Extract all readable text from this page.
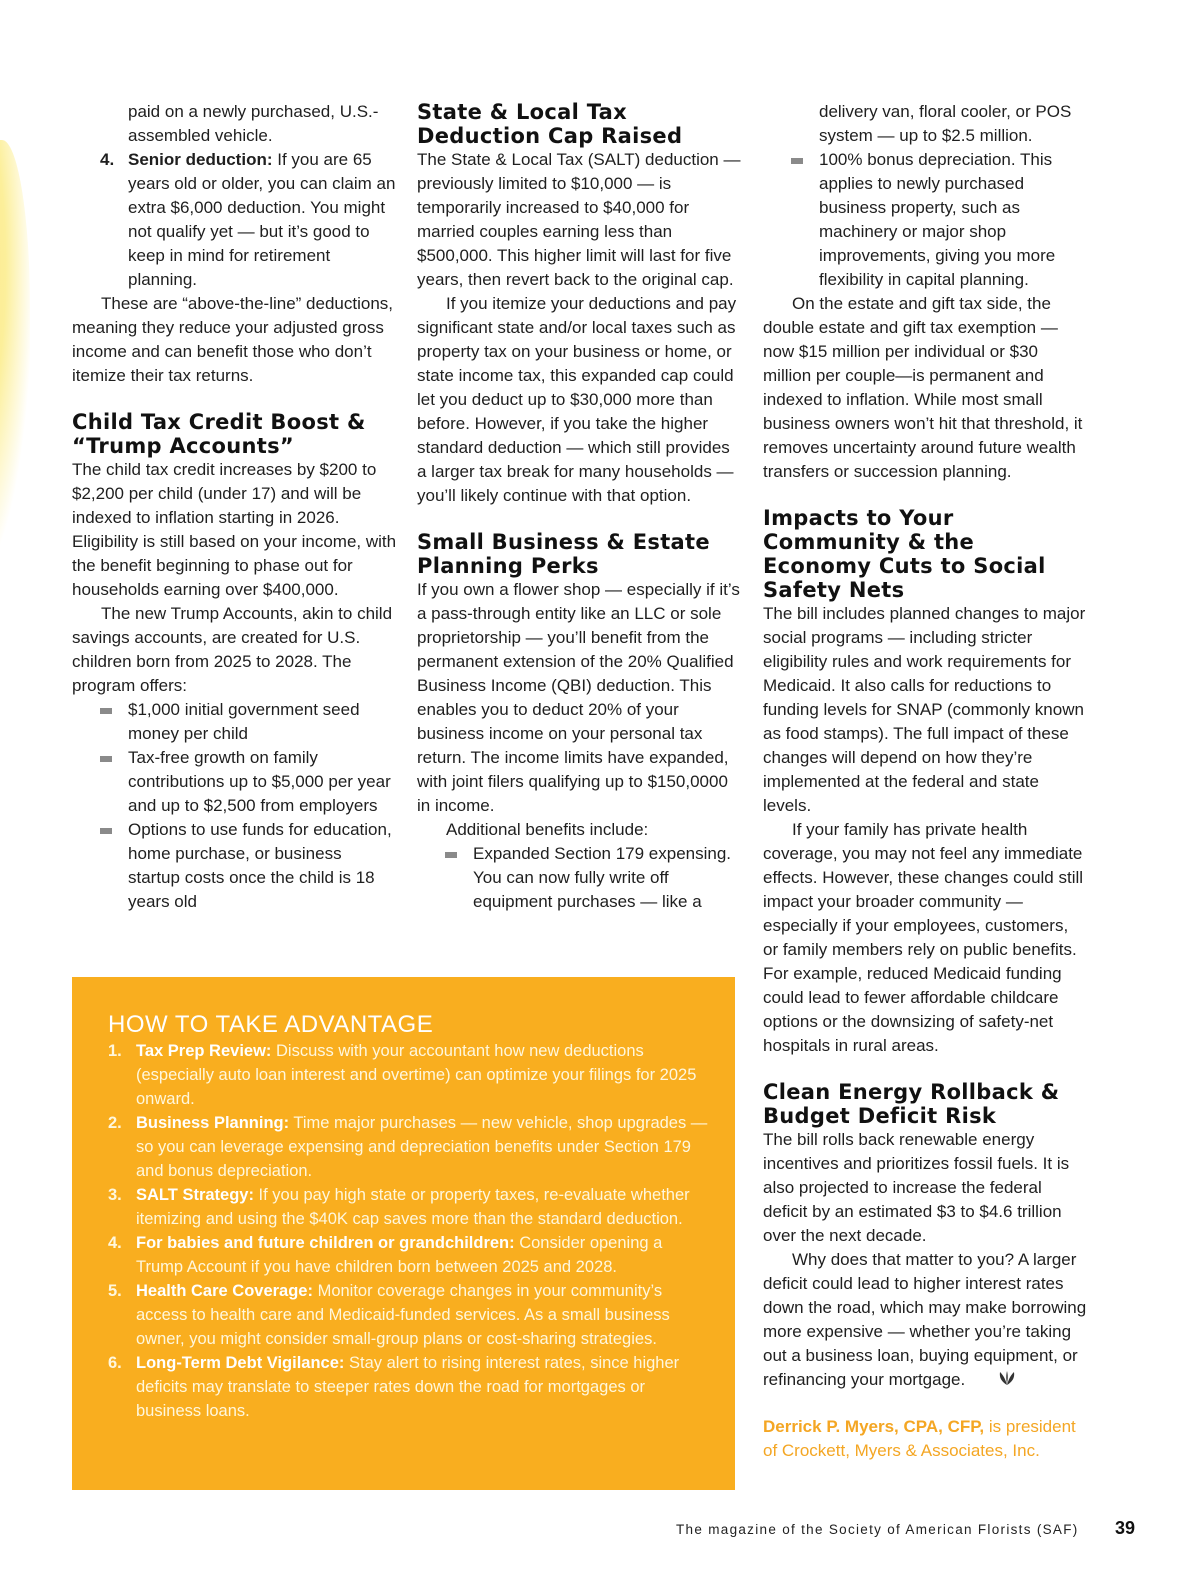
paid on a newly purchased, U.S.-assembled vehicle.

4. Senior deduction: If you are 65 years old or older, you can claim an extra $6,000 deduction. You might not qualify yet — but it’s good to keep in mind for retirement planning.

These are “above-the-line” deductions, meaning they reduce your adjusted gross income and can benefit those who don’t itemize their tax returns.

Child Tax Credit Boost & “Trump Accounts”

The child tax credit increases by $200 to $2,200 per child (under 17) and will be indexed to inflation starting in 2026. Eligibility is still based on your income, with the benefit beginning to phase out for households earning over $400,000.

The new Trump Accounts, akin to child savings accounts, are created for U.S. children born from 2025 to 2028. The program offers:

$1,000 initial government seed money per child
Tax-free growth on family contributions up to $5,000 per year and up to $2,500 from employers
Options to use funds for education, home purchase, or business startup costs once the child is 18 years old
State & Local Tax Deduction Cap Raised

The State & Local Tax (SALT) deduction — previously limited to $10,000 — is temporarily increased to $40,000 for married couples earning less than $500,000. This higher limit will last for five years, then revert back to the original cap.

If you itemize your deductions and pay significant state and/or local taxes such as property tax on your business or home, or state income tax, this expanded cap could let you deduct up to $30,000 more than before. However, if you take the higher standard deduction — which still provides a larger tax break for many households — you’ll likely continue with that option.

Small Business & Estate Planning Perks

If you own a flower shop — especially if it’s a pass-through entity like an LLC or sole proprietorship — you’ll benefit from the permanent extension of the 20% Qualified Business Income (QBI) deduction. This enables you to deduct 20% of your business income on your personal tax return. The income limits have expanded, with joint filers qualifying up to $150,0000 in income.

Additional benefits include:

Expanded Section 179 expensing. You can now fully write off equipment purchases — like a

delivery van, floral cooler, or POS system — up to $2.5 million.

100% bonus depreciation. This applies to newly purchased business property, such as machinery or major shop improvements, giving you more flexibility in capital planning.

On the estate and gift tax side, the double estate and gift tax exemption — now $15 million per individual or $30 million per couple—is permanent and indexed to inflation. While most small business owners won’t hit that threshold, it removes uncertainty around future wealth transfers or succession planning.

Impacts to Your Community & the Economy Cuts to Social Safety Nets

The bill includes planned changes to major social programs — including stricter eligibility rules and work requirements for Medicaid. It also calls for reductions to funding levels for SNAP (commonly known as food stamps). The full impact of these changes will depend on how they’re implemented at the federal and state levels.

If your family has private health coverage, you may not feel any immediate effects. However, these changes could still impact your broader community — especially if your employees, customers, or family members rely on public benefits. For example, reduced Medicaid funding could lead to fewer affordable childcare options or the downsizing of safety-net hospitals in rural areas.

Clean Energy Rollback & Budget Deficit Risk

The bill rolls back renewable energy incentives and prioritizes fossil fuels. It is also projected to increase the federal deficit by an estimated $3 to $4.6 trillion over the next decade.

Why does that matter to you? A larger deficit could lead to higher interest rates down the road, which may make borrowing more expensive — whether you’re taking out a business loan, buying equipment, or refinancing your mortgage.

Derrick P. Myers, CPA, CFP, is president of Crockett, Myers & Associates, Inc.

HOW TO TAKE ADVANTAGE
1. Tax Prep Review: Discuss with your accountant how new deductions (especially auto loan interest and overtime) can optimize your filings for 2025 onward.
2. Business Planning: Time major purchases — new vehicle, shop upgrades — so you can leverage expensing and depreciation benefits under Section 179 and bonus depreciation.
3. SALT Strategy: If you pay high state or property taxes, re-evaluate whether itemizing and using the $40K cap saves more than the standard deduction.
4. For babies and future children or grandchildren: Consider opening a Trump Account if you have children born between 2025 and 2028.
5. Health Care Coverage: Monitor coverage changes in your community’s access to health care and Medicaid-funded services. As a small business owner, you might consider small-group plans or cost-sharing strategies.
6. Long-Term Debt Vigilance: Stay alert to rising interest rates, since higher deficits may translate to steeper rates down the road for mortgages or business loans.
The magazine of the Society of American Florists (SAF) 39
